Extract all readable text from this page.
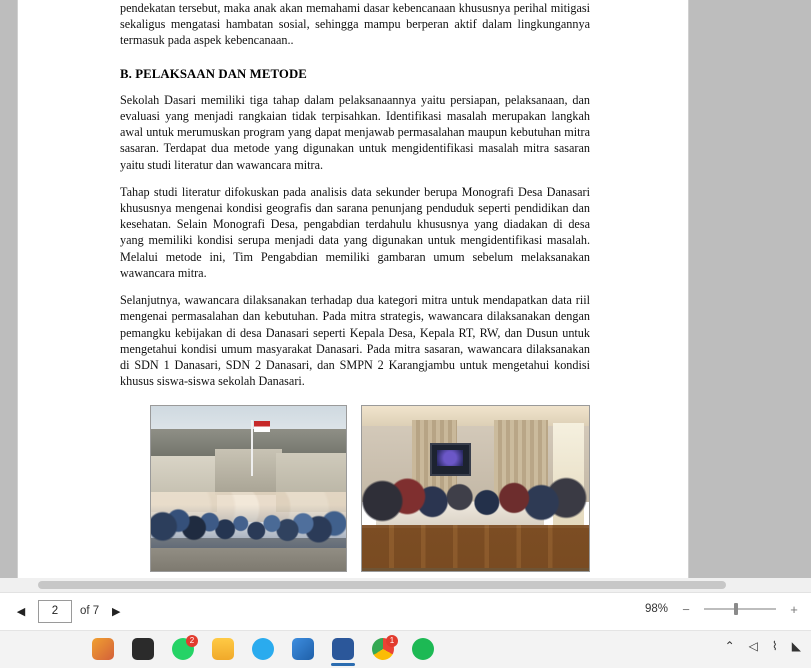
pendekatan tersebut, maka anak akan memahami dasar kebencanaan khususnya perihal mitigasi sekaligus mengatasi hambatan sosial, sehingga mampu berperan aktif dalam lingkungannya termasuk pada aspek kebencanaan..

B. PELAKSAAN DAN METODE

Sekolah Dasari memiliki tiga tahap dalam pelaksanaannya yaitu persiapan, pelaksanaan, dan evaluasi yang menjadi rangkaian tidak terpisahkan. Identifikasi masalah merupakan langkah awal untuk merumuskan program yang dapat menjawab permasalahan maupun kebutuhan mitra sasaran. Terdapat dua metode yang digunakan untuk mengidentifikasi masalah mitra sasaran yaitu studi literatur dan wawancara mitra.

Tahap studi literatur difokuskan pada analisis data sekunder berupa Monografi Desa Danasari khususnya mengenai kondisi geografis dan sarana penunjang penduduk seperti pendidikan dan kesehatan. Selain Monografi Desa, pengabdian terdahulu khususnya yang diadakan di desa yang memiliki kondisi serupa menjadi data yang digunakan untuk mengidentifikasi masalah. Melalui metode ini, Tim Pengabdian memiliki gambaran umum sebelum melaksanakan wawancara mitra.

Selanjutnya, wawancara dilaksanakan terhadap dua kategori mitra untuk mendapatkan data riil mengenai permasalahan dan kebutuhan. Pada mitra strategis, wawancara dilaksanakan dengan pemangku kebijakan di desa Danasari seperti Kepala Desa, Kepala RT, RW, dan Dusun untuk mengetahui kondisi umum masyarakat Danasari. Pada mitra sasaran, wawancara dilaksanakan di SDN 1 Danasari, SDN 2 Danasari, dan SMPN 2 Karangjambu untuk mengetahui kondisi khusus siswa-siswa sekolah Danasari.

◀	2	of 7	▶	98% −	+
2	1	⌃ ◁ ⌇ ◣
